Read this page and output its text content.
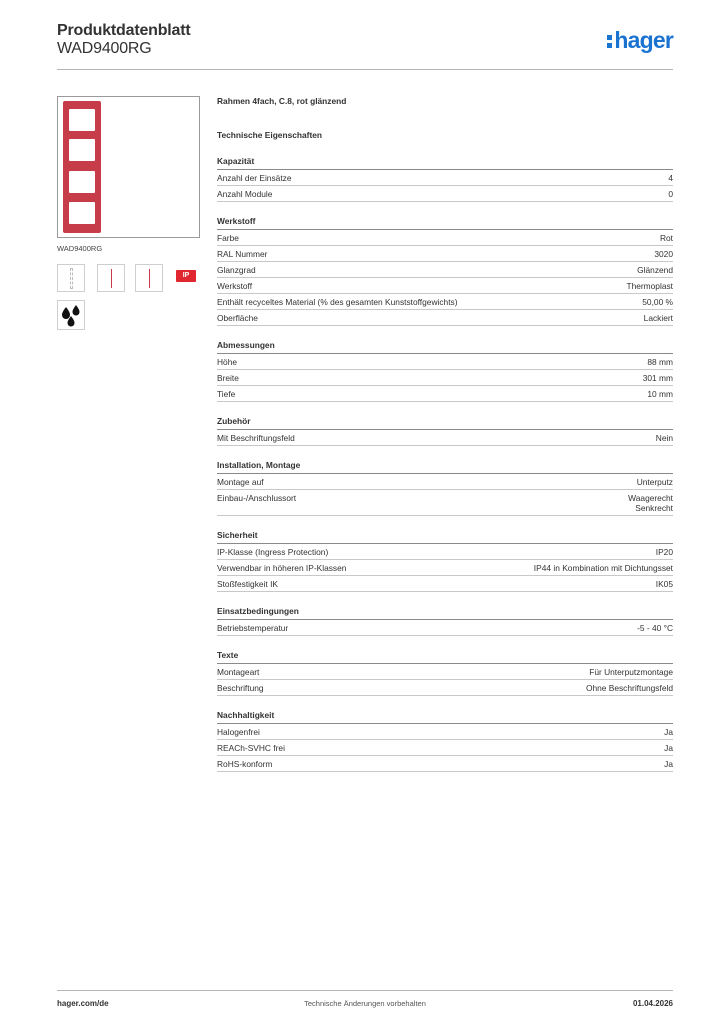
Produktdatenblatt
WAD9400RG	hager
WAD9400RG
IP
Rahmen 4fach, C.8, rot glänzend
Technische Eigenschaften
Kapazität
Anzahl der Einsätze	4
Anzahl Module	0
Werkstoff
Farbe	Rot
RAL Nummer	3020
Glanzgrad	Glänzend
Werkstoff	Thermoplast
Enthält recyceltes Material (% des gesamten Kunststoffgewichts)	50,00 %
Oberfläche	Lackiert
Abmessungen
Höhe	88 mm
Breite	301 mm
Tiefe	10 mm
Zubehör
Mit Beschriftungsfeld	Nein
Installation, Montage
Montage auf	Unterputz
Einbau-/Anschlussort	Waagerecht
Senkrecht
Sicherheit
IP-Klasse (Ingress Protection)	IP20
Verwendbar in höheren IP-Klassen	IP44 in Kombination mit Dichtungsset
Stoßfestigkeit IK	IK05
Einsatzbedingungen
Betriebstemperatur	-5 - 40 °C
Texte
Montageart	Für Unterputzmontage
Beschriftung	Ohne Beschriftungsfeld
Nachhaltigkeit
Halogenfrei	Ja
REACh-SVHC frei	Ja
RoHS-konform	Ja
hager.com/de	Technische Änderungen vorbehalten	01.04.2026
